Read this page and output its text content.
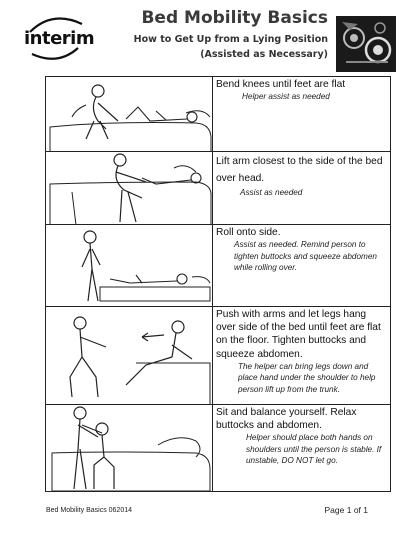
interim
Bed Mobility Basics
How to Get Up from a Lying Position
(Assisted as Necessary)
Bend knees until feet are flat
Helper assist as needed
Lift arm closest to the side of the bed over head.
Assist as needed
Roll onto side.
Assist as needed. Remind person to tighten buttocks and squeeze abdomen while rolling over.
Push with arms and let legs hang over side of the bed until feet are flat on the floor. Tighten buttocks and squeeze abdomen.
The helper can bring legs down and place hand under the shoulder to help person lift up from the trunk.
Sit and balance yourself. Relax buttocks and abdomen.
Helper should place both hands on shoulders until the person is stable. If unstable, DO NOT let go.
Bed Mobility Basics 062014	Page 1 of 1
